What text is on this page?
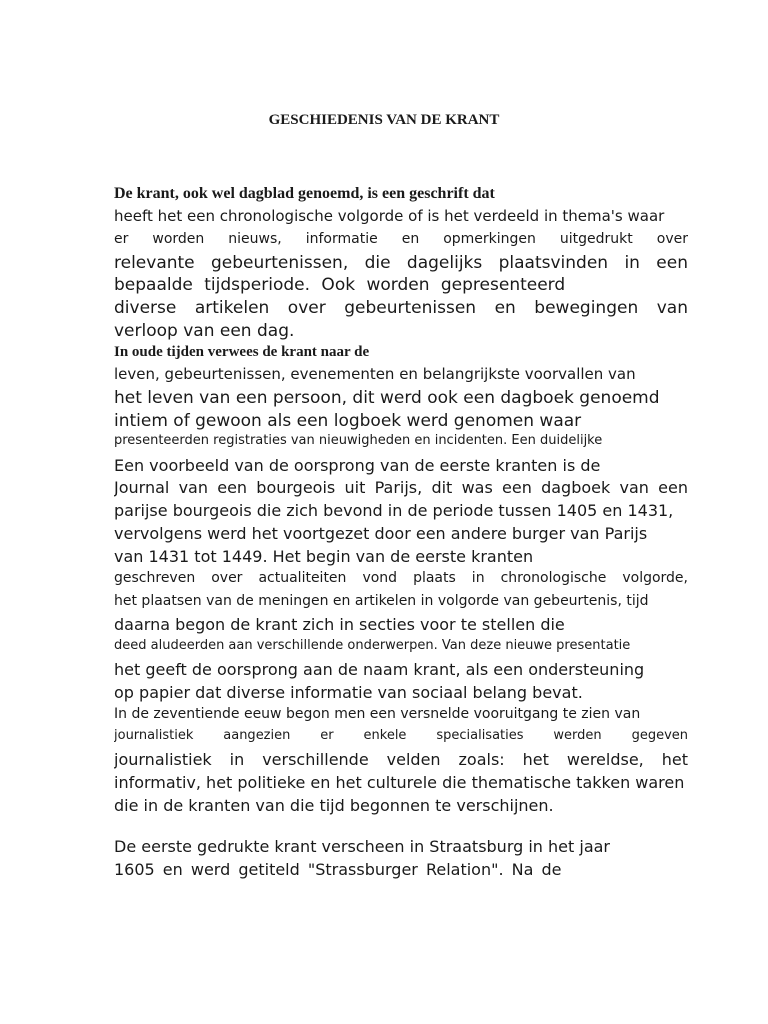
GESCHIEDENIS VAN DE KRANT
De krant, ook wel dagblad genoemd, is een geschrift dat
heeft het een chronologische volgorde of is het verdeeld in thema's waar
er worden nieuws, informatie en opmerkingen uitgedrukt over
relevante gebeurtenissen, die dagelijks plaatsvinden in een
bepaalde tijdsperiode. Ook worden gepresenteerd
diverse artikelen over gebeurtenissen en bewegingen van
verloop van een dag.
In oude tijden verwees de krant naar de
leven, gebeurtenissen, evenementen en belangrijkste voorvallen van
het leven van een persoon, dit werd ook een dagboek genoemd
intiem of gewoon als een logboek werd genomen waar
presenteerden registraties van nieuwigheden en incidenten. Een duidelijke
Een voorbeeld van de oorsprong van de eerste kranten is de
Journal van een bourgeois uit Parijs, dit was een dagboek van een
parijse bourgeois die zich bevond in de periode tussen 1405 en 1431,
vervolgens werd het voortgezet door een andere burger van Parijs
van 1431 tot 1449. Het begin van de eerste kranten
geschreven over actualiteiten vond plaats in chronologische volgorde,
het plaatsen van de meningen en artikelen in volgorde van gebeurtenis, tijd
daarna begon de krant zich in secties voor te stellen die
deed aludeerden aan verschillende onderwerpen. Van deze nieuwe presentatie
het geeft de oorsprong aan de naam krant, als een ondersteuning
op papier dat diverse informatie van sociaal belang bevat.
In de zeventiende eeuw begon men een versnelde vooruitgang te zien van
journalistiek aangezien er enkele specialisaties werden gegeven
journalistiek in verschillende velden zoals: het wereldse, het
informativ, het politieke en het culturele die thematische takken waren
die in de kranten van die tijd begonnen te verschijnen.
De eerste gedrukte krant verscheen in Straatsburg in het jaar
1605 en werd getiteld "Strassburger Relation". Na de
